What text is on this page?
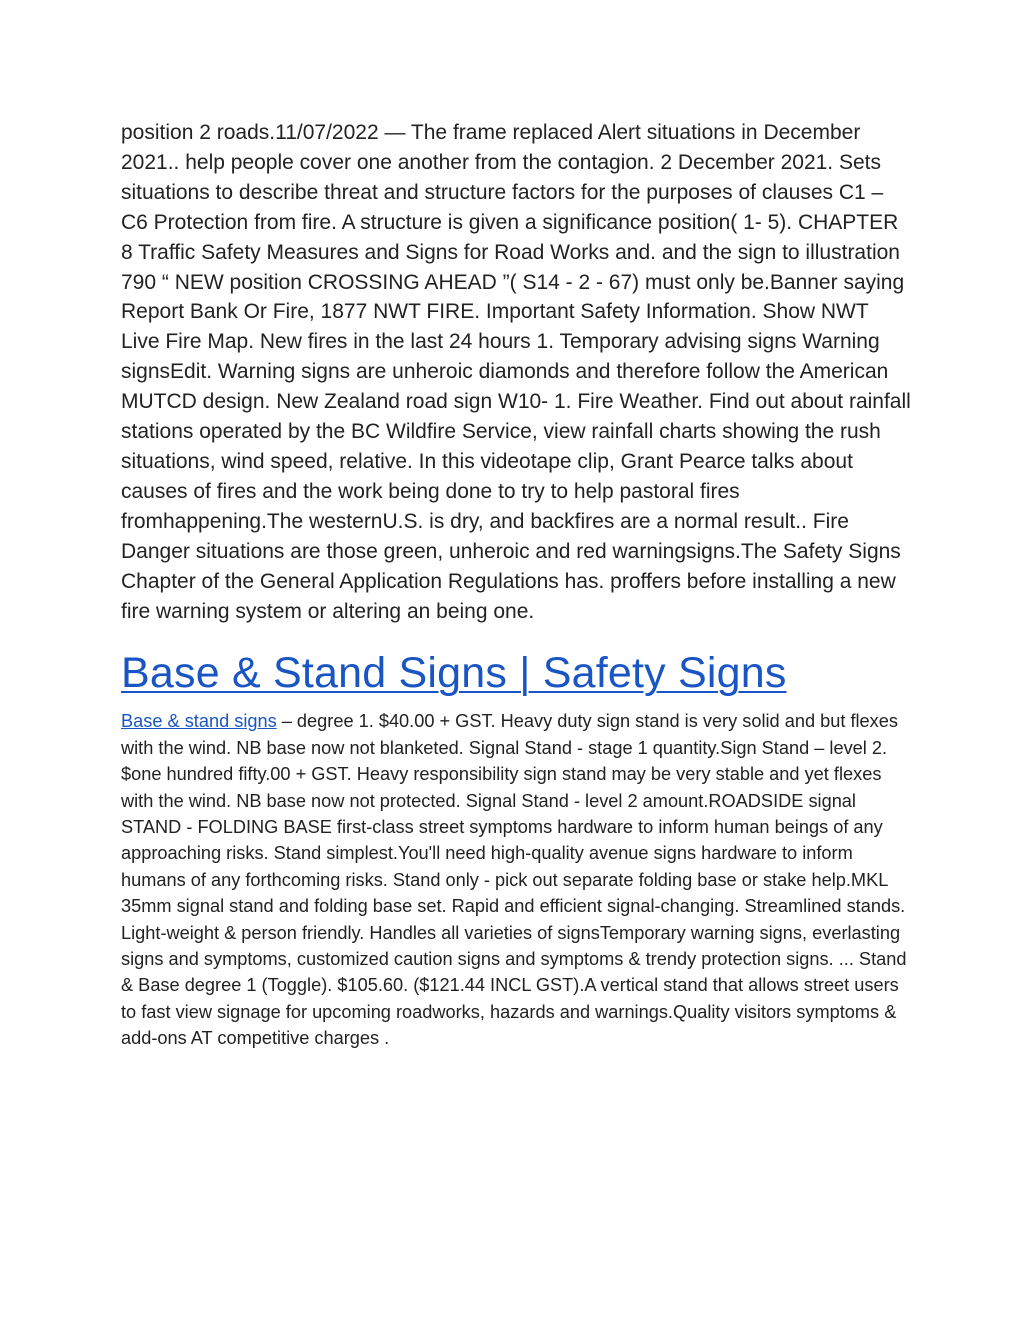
position 2 roads.11/07/2022 — The frame replaced Alert situations in December 2021.. help people cover one another from the contagion. 2 December 2021. Sets situations to describe threat and structure factors for the purposes of clauses C1 – C6 Protection from fire. A structure is given a significance position( 1- 5). CHAPTER 8 Traffic Safety Measures and Signs for Road Works and. and the sign to illustration 790 “ NEW position CROSSING AHEAD ”( S14 ‑ 2 ‑ 67) must only be.Banner saying Report Bank Or Fire, 1877 NWT FIRE. Important Safety Information. Show NWT Live Fire Map. New fires in the last 24 hours 1. Temporary advising signs Warning signsEdit. Warning signs are unheroic diamonds and therefore follow the American MUTCD design. New Zealand road sign W10- 1. Fire Weather. Find out about rainfall stations operated by the BC Wildfire Service, view rainfall charts showing the rush situations, wind speed, relative. In this videotape clip, Grant Pearce talks about causes of fires and the work being done to try to help pastoral fires fromhappening.The westernU.S. is dry, and backfires are a normal result.. Fire Danger situations are those green, unheroic and red warningsigns.The Safety Signs Chapter of the General Application Regulations has. proffers before installing a new fire warning system or altering an being one.

Base & Stand Signs | Safety Signs

Base & stand signs – degree 1. $40.00 + GST. Heavy duty sign stand is very solid and but flexes with the wind. NB base now not blanketed. Signal Stand - stage 1 quantity.Sign Stand – level 2. $one hundred fifty.00 + GST. Heavy responsibility sign stand may be very stable and yet flexes with the wind. NB base now not protected. Signal Stand - level 2 amount.ROADSIDE signal STAND - FOLDING BASE first-class street symptoms hardware to inform human beings of any approaching risks. Stand simplest.You'll need high-quality avenue signs hardware to inform humans of any forthcoming risks. Stand only - pick out separate folding base or stake help.MKL 35mm signal stand and folding base set. Rapid and efficient signal-changing. Streamlined stands. Light-weight & person friendly. Handles all varieties of signsTemporary warning signs, everlasting signs and symptoms, customized caution signs and symptoms & trendy protection signs. ... Stand & Base degree 1 (Toggle). $105.60. ($121.44 INCL GST).A vertical stand that allows street users to fast view signage for upcoming roadworks, hazards and warnings.Quality visitors symptoms & add-ons AT competitive charges .
